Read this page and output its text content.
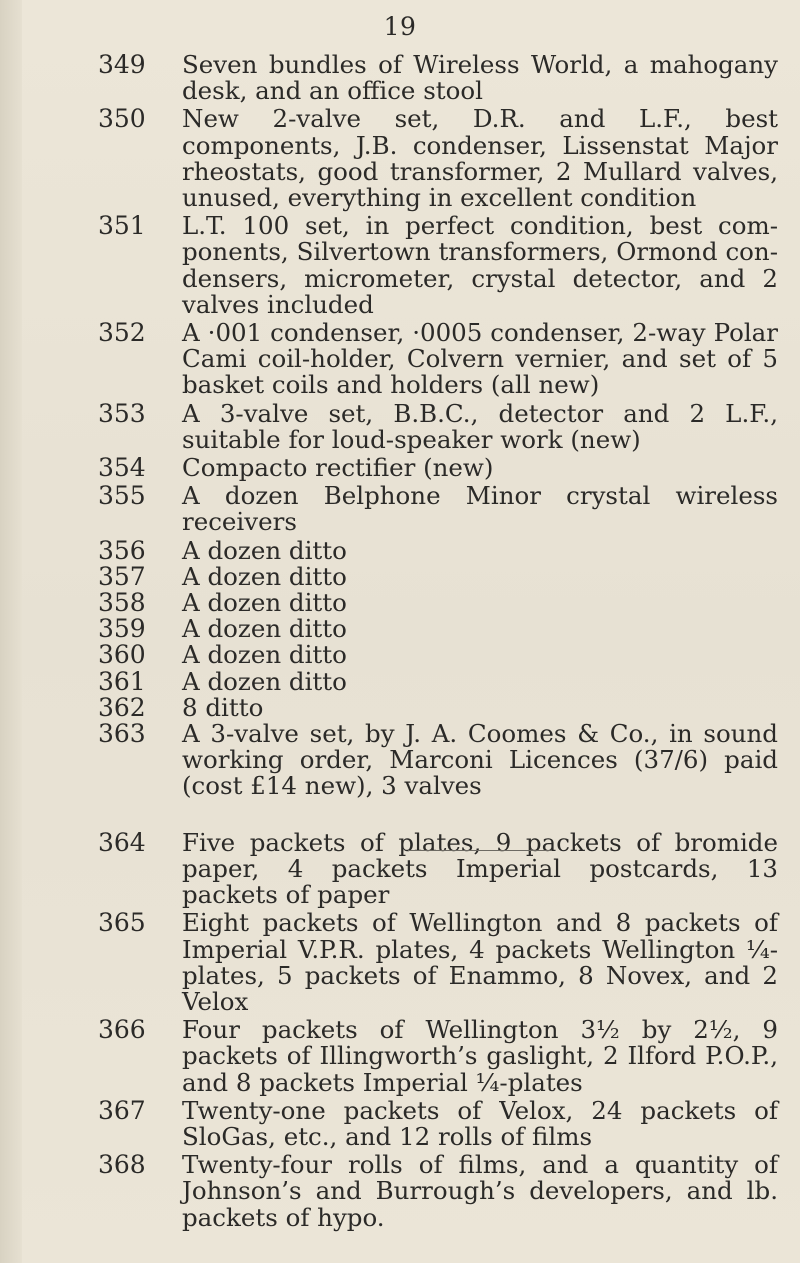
19
349 Seven bundles of Wireless World, a mahogany desk, and an office stool
350 New 2-valve set, D.R. and L.F., best components, J.B. condenser, Lissenstat Major rheostats, good transformer, 2 Mullard valves, unused, everything in excellent condition
351 L.T. 100 set, in perfect condition, best com-ponents, Silvertown transformers, Ormond con-densers, micrometer, crystal detector, and 2 valves included
352 A ·001 condenser, ·0005 condenser, 2-way Polar Cami coil-holder, Colvern vernier, and set of 5 basket coils and holders (all new)
353 A 3-valve set, B.B.C., detector and 2 L.F., suitable for loud-speaker work (new)
354 Compacto rectifier (new)
355 A dozen Belphone Minor crystal wireless receivers
356 A dozen ditto
357 A dozen ditto
358 A dozen ditto
359 A dozen ditto
360 A dozen ditto
361 A dozen ditto
362 8 ditto
363 A 3-valve set, by J. A. Coomes & Co., in sound working order, Marconi Licences (37/6) paid (cost £14 new), 3 valves
364 Five packets of plates, 9 packets of bromide paper, 4 packets Imperial postcards, 13 packets of paper
365 Eight packets of Wellington and 8 packets of Imperial V.P.R. plates, 4 packets Wellington ¼-plates, 5 packets of Enammo, 8 Novex, and 2 Velox
366 Four packets of Wellington 3½ by 2½, 9 packets of Illingworth’s gaslight, 2 Ilford P.O.P., and 8 packets Imperial ¼-plates
367 Twenty-one packets of Velox, 24 packets of SloGas, etc., and 12 rolls of films
368 Twenty-four rolls of films, and a quantity of Johnson’s and Burrough’s developers, and lb. packets of hypo.
